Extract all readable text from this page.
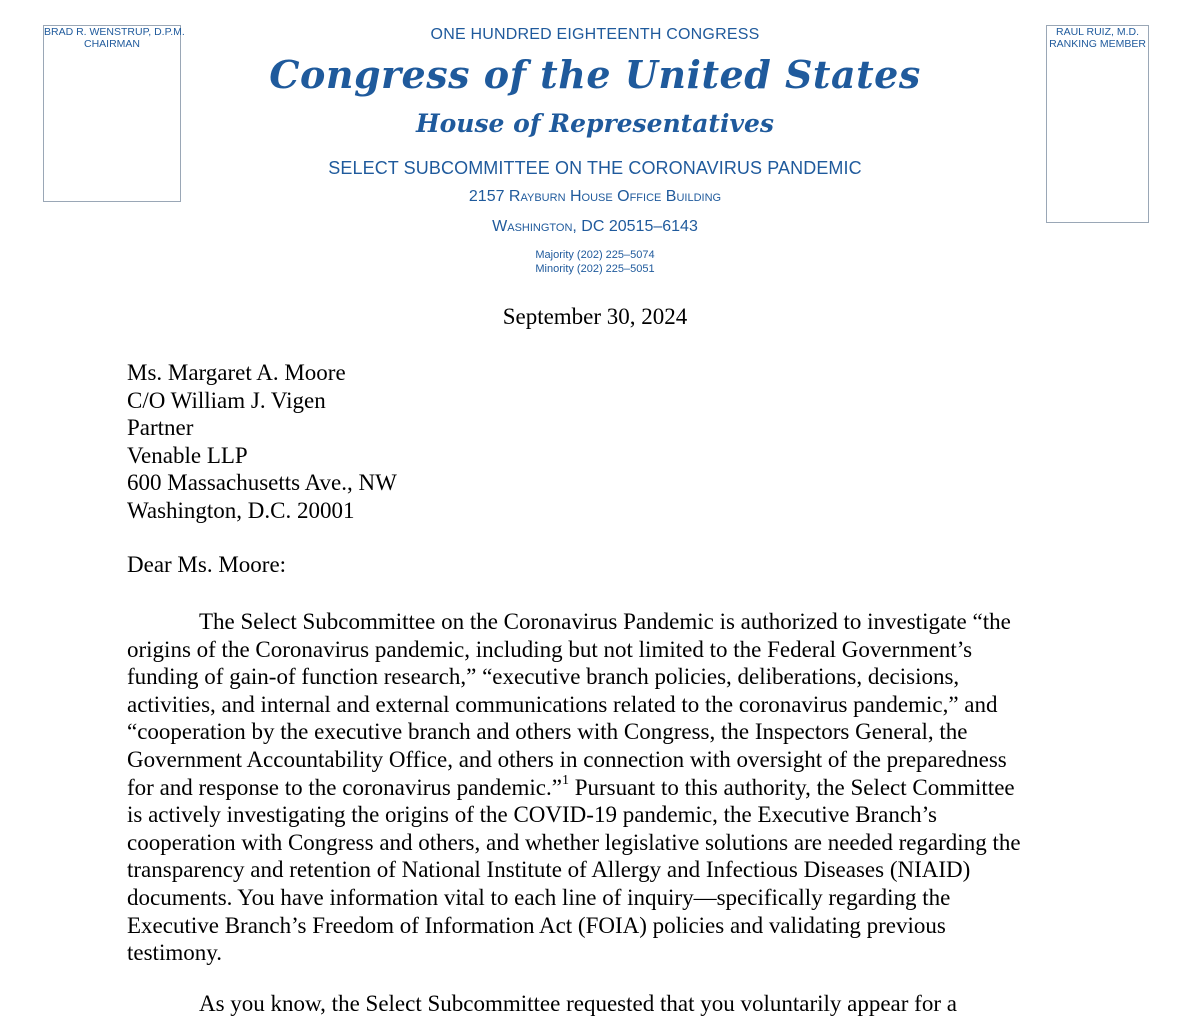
BRAD R. WENSTRUP, D.P.M.
CHAIRMAN
RAUL RUIZ, M.D.
RANKING MEMBER
ONE HUNDRED EIGHTEENTH CONGRESS
Congress of the United States
House of Representatives
SELECT SUBCOMMITTEE ON THE CORONAVIRUS PANDEMIC
2157 Rayburn House Office Building
Washington, DC 20515–6143
Majority (202) 225–5074
Minority (202) 225–5051
September 30, 2024
Ms. Margaret A. Moore
C/O William J. Vigen
Partner
Venable LLP
600 Massachusetts Ave., NW
Washington, D.C. 20001
Dear Ms. Moore:
The Select Subcommittee on the Coronavirus Pandemic is authorized to investigate “the
origins of the Coronavirus pandemic, including but not limited to the Federal Government’s
funding of gain-of function research,” “executive branch policies, deliberations, decisions,
activities, and internal and external communications related to the coronavirus pandemic,” and
“cooperation by the executive branch and others with Congress, the Inspectors General, the
Government Accountability Office, and others in connection with oversight of the preparedness
for and response to the coronavirus pandemic.”$^1$ Pursuant to this authority, the Select Committee
is actively investigating the origins of the COVID-19 pandemic, the Executive Branch’s
cooperation with Congress and others, and whether legislative solutions are needed regarding the
transparency and retention of National Institute of Allergy and Infectious Diseases (NIAID)
documents. You have information vital to each line of inquiry—specifically regarding the
Executive Branch’s Freedom of Information Act (FOIA) policies and validating previous
testimony.
As you know, the Select Subcommittee requested that you voluntarily appear for a
